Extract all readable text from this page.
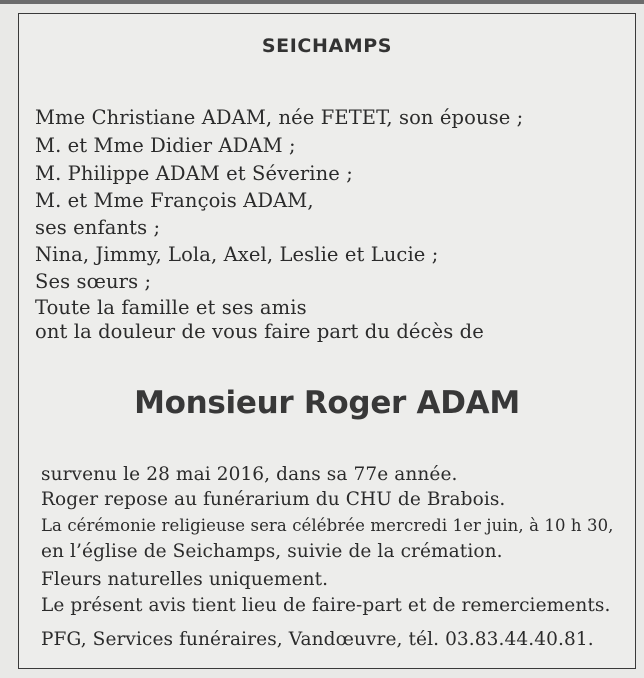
SEICHAMPS
Mme Christiane ADAM, née FETET, son épouse ;
M. et Mme Didier ADAM ;
M. Philippe ADAM et Séverine ;
M. et Mme François ADAM,
ses enfants ;
Nina, Jimmy, Lola, Axel, Leslie et Lucie ;
Ses sœurs ;
Toute la famille et ses amis
ont la douleur de vous faire part du décès de
Monsieur Roger ADAM
survenu le 28 mai 2016, dans sa 77e année.
Roger repose au funérarium du CHU de Brabois.
La cérémonie religieuse sera célébrée mercredi 1er juin, à 10 h 30,
en l’église de Seichamps, suivie de la crémation.
Fleurs naturelles uniquement.
Le présent avis tient lieu de faire-part et de remerciements.
PFG, Services funéraires, Vandœuvre, tél. 03.83.44.40.81.
